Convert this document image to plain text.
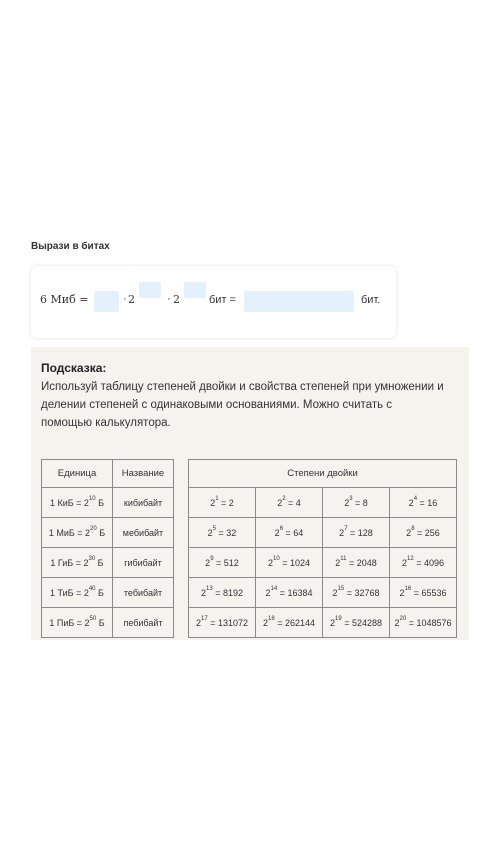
Вырази в битах
6 Миб =	· 2	· 2	бит =	бит.
Подсказка:
Используй таблицу степеней двойки и свойства степеней при умножении и делении степеней с одинаковыми основаниями. Можно считать с помощью калькулятора.
Единица	Название
1 КиБ = $2^{10}$ Б	кибибайт
1 МиБ = $2^{20}$ Б	мебибайт
1 ГиБ = $2^{30}$ Б	гибибайт
1 ТиБ = $2^{40}$ Б	тебибайт
1 ПиБ = $2^{50}$ Б	пебибайт
Степени двойки			
$2^1 = 2$	$2^2 = 4$	$2^3 = 8$	$2^4 = 16$
$2^5 = 32$	$2^6 = 64$	$2^7 = 128$	$2^8 = 256$
$2^9 = 512$	$2^{10} = 1024$	$2^{11} = 2048$	$2^{12} = 4096$
$2^{13} = 8192$	$2^{14} = 16384$	$2^{15} = 32768$	$2^{16} = 65536$
$2^{17} = 131072$	$2^{18} = 262144$	$2^{19} = 524288$	$2^{20} = 1048576$
